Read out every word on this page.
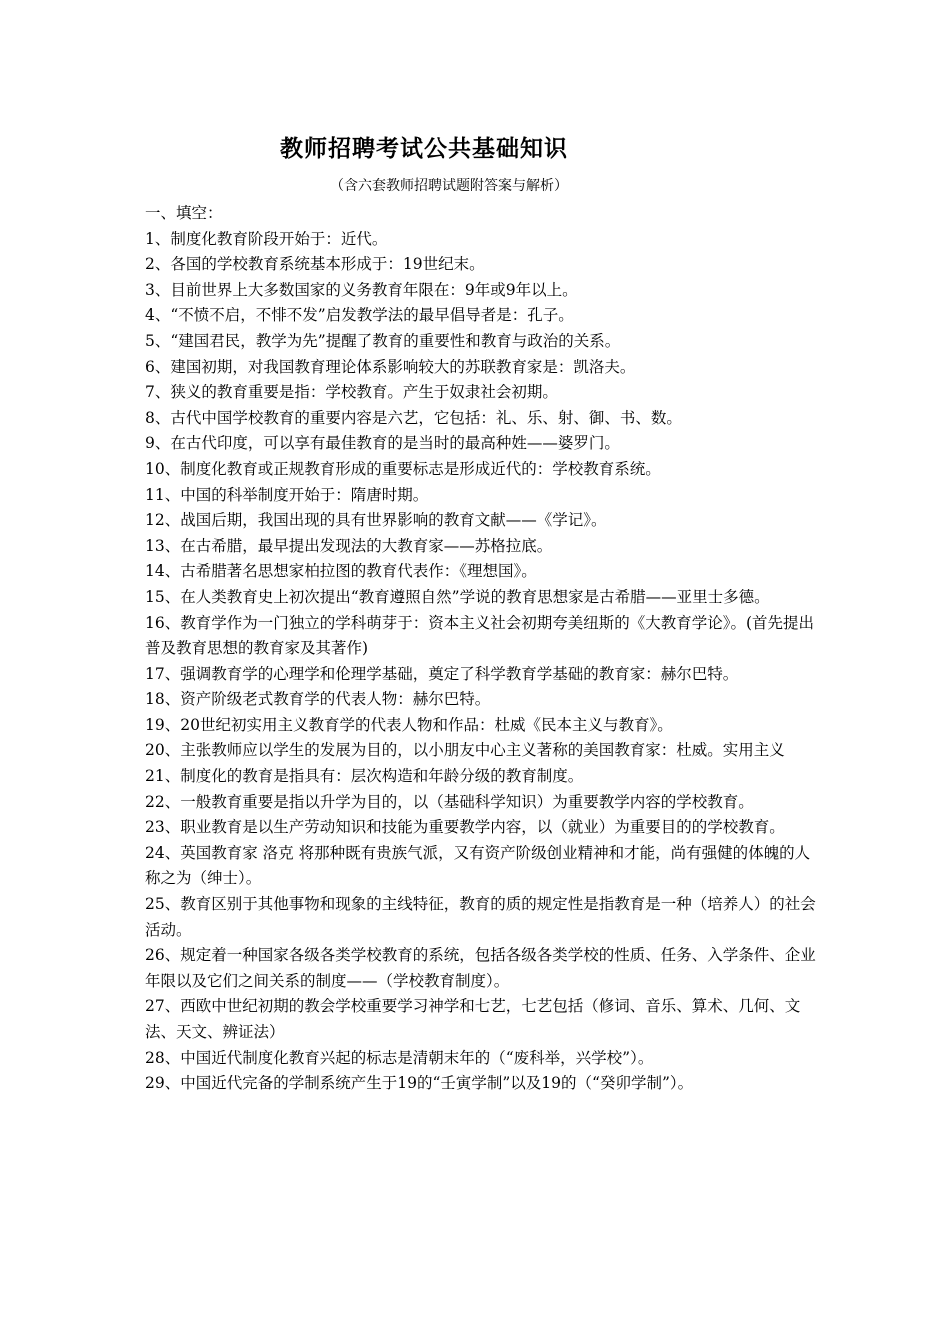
教师招聘考试公共基础知识

（含六套教师招聘试题附答案与解析）

一、填空：

1、制度化教育阶段开始于：近代。

2、各国的学校教育系统基本形成于：19世纪末。

3、目前世界上大多数国家的义务教育年限在：9年或9年以上。

4、“不愤不启，不悱不发”启发教学法的最早倡导者是：孔子。

5、“建国君民，教学为先”提醒了教育的重要性和教育与政治的关系。

6、建国初期，对我国教育理论体系影响较大的苏联教育家是：凯洛夫。

7、狭义的教育重要是指：学校教育。产生于奴隶社会初期。

8、古代中国学校教育的重要内容是六艺，它包括：礼、乐、射、御、书、数。

9、在古代印度，可以享有最佳教育的是当时的最高种姓——婆罗门。

10、制度化教育或正规教育形成的重要标志是形成近代的：学校教育系统。

11、中国的科举制度开始于：隋唐时期。

12、战国后期，我国出现的具有世界影响的教育文献——《学记》。

13、在古希腊，最早提出发现法的大教育家——苏格拉底。

14、古希腊著名思想家柏拉图的教育代表作：《理想国》。

15、在人类教育史上初次提出“教育遵照自然”学说的教育思想家是古希腊——亚里士多德。

16、教育学作为一门独立的学科萌芽于：资本主义社会初期夸美纽斯的《大教育学论》。(首先提出普及教育思想的教育家及其著作)

17、强调教育学的心理学和伦理学基础，奠定了科学教育学基础的教育家：赫尔巴特。

18、资产阶级老式教育学的代表人物：赫尔巴特。

19、20世纪初实用主义教育学的代表人物和作品：杜威《民本主义与教育》。

20、主张教师应以学生的发展为目的，以小朋友中心主义著称的美国教育家：杜威。实用主义

21、制度化的教育是指具有：层次构造和年龄分级的教育制度。

22、一般教育重要是指以升学为目的，以（基础科学知识）为重要教学内容的学校教育。

23、职业教育是以生产劳动知识和技能为重要教学内容，以（就业）为重要目的的学校教育。

24、英国教育家 洛克 将那种既有贵族气派，又有资产阶级创业精神和才能，尚有强健的体魄的人称之为（绅士）。

25、教育区别于其他事物和现象的主线特征，教育的质的规定性是指教育是一种（培养人）的社会活动。

26、规定着一种国家各级各类学校教育的系统，包括各级各类学校的性质、任务、入学条件、企业年限以及它们之间关系的制度——（学校教育制度）。

27、西欧中世纪初期的教会学校重要学习神学和七艺，七艺包括（修词、音乐、算术、几何、文法、天文、辨证法）

28、中国近代制度化教育兴起的标志是清朝末年的（“废科举，兴学校”）。

29、中国近代完备的学制系统产生于19的“壬寅学制”以及19的（“癸卯学制”）。
